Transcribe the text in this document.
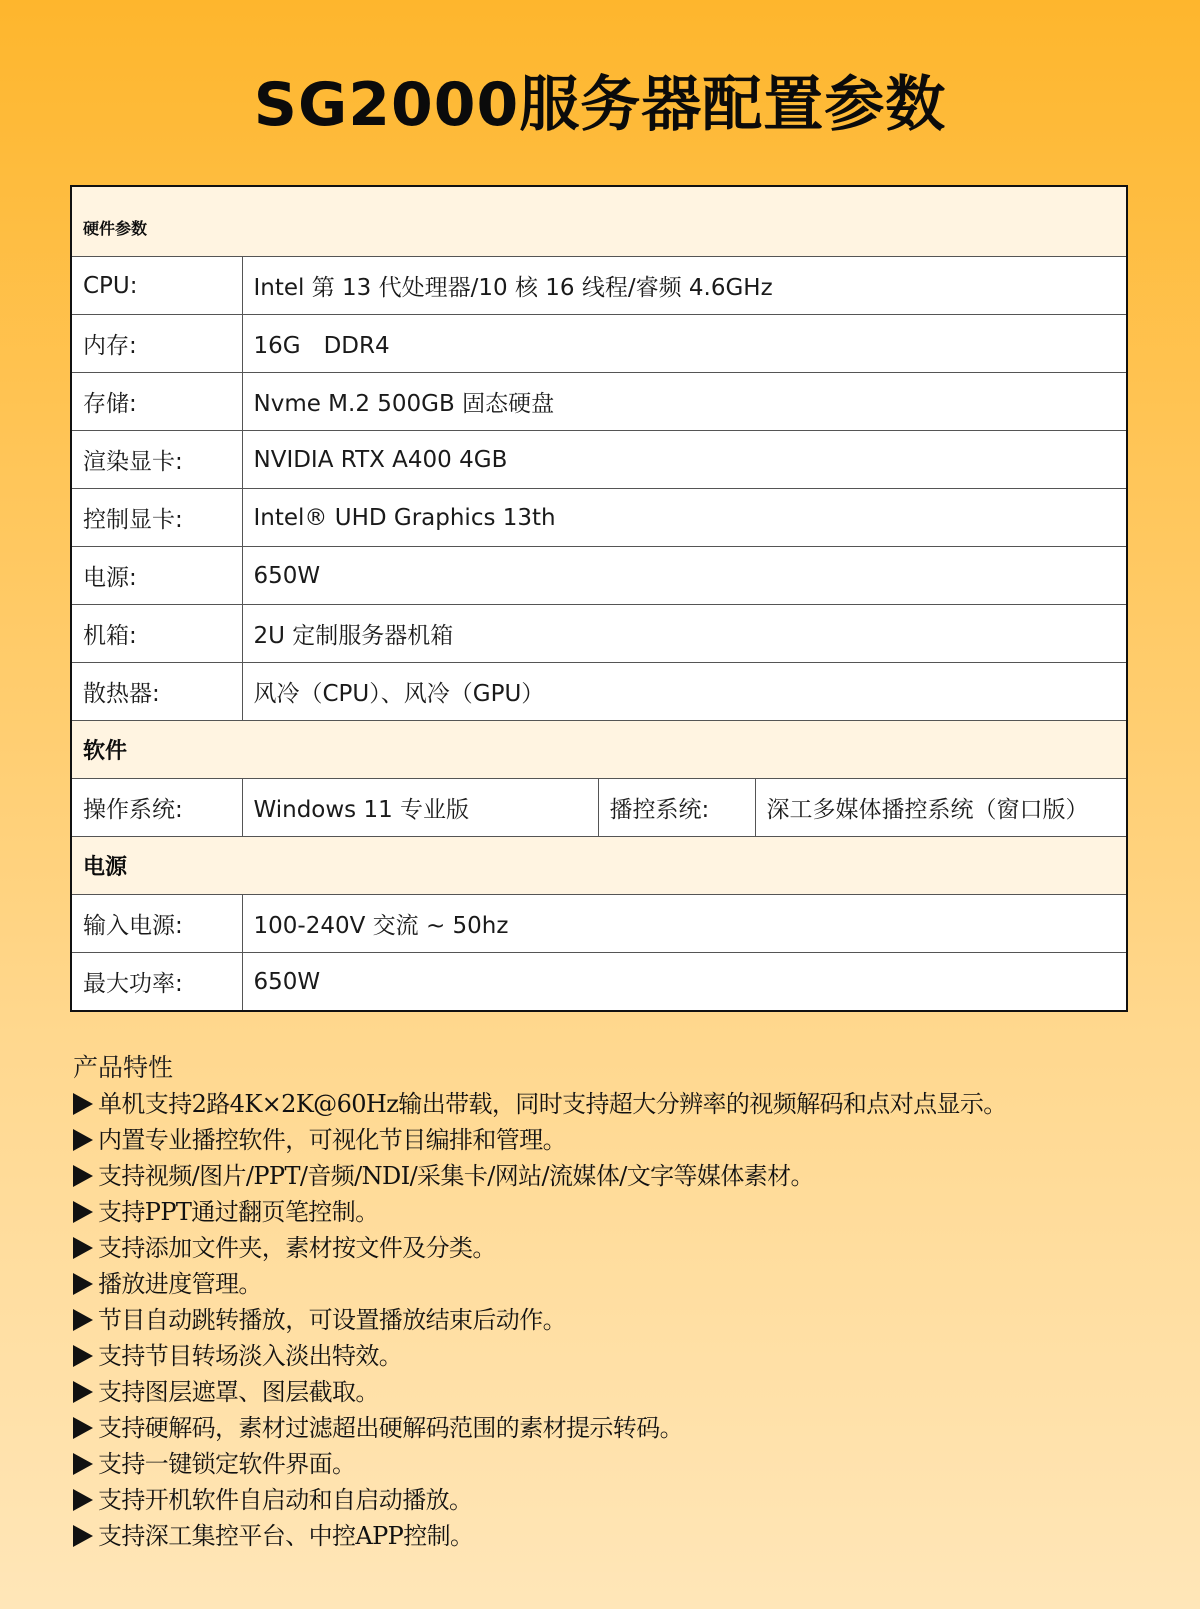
SG2000服务器配置参数
硬件参数			
CPU:	Intel 第 13 代处理器/10 核 16 线程/睿频 4.6GHz		
内存:	16G　DDR4		
存储:	Nvme M.2 500GB 固态硬盘		
渲染显卡:	NVIDIA RTX A400 4GB		
控制显卡:	Intel® UHD Graphics 13th		
电源:	650W		
机箱:	2U 定制服务器机箱		
散热器:	风冷（CPU）、风冷（GPU）		
软件			
操作系统:	Windows 11 专业版	播控系统:	深工多媒体播控系统（窗口版）
电源			
输入电源:	100-240V 交流 ~ 50hz		
最大功率:	650W		
产品特性
单机支持2路4K×2K@60Hz输出带载，同时支持超大分辨率的视频解码和点对点显示。
内置专业播控软件，可视化节目编排和管理。
支持视频/图片/PPT/音频/NDI/采集卡/网站/流媒体/文字等媒体素材。
支持PPT通过翻页笔控制。
支持添加文件夹，素材按文件及分类。
播放进度管理。
节目自动跳转播放，可设置播放结束后动作。
支持节目转场淡入淡出特效。
支持图层遮罩、图层截取。
支持硬解码，素材过滤超出硬解码范围的素材提示转码。
支持一键锁定软件界面。
支持开机软件自启动和自启动播放。
支持深工集控平台、中控APP控制。
